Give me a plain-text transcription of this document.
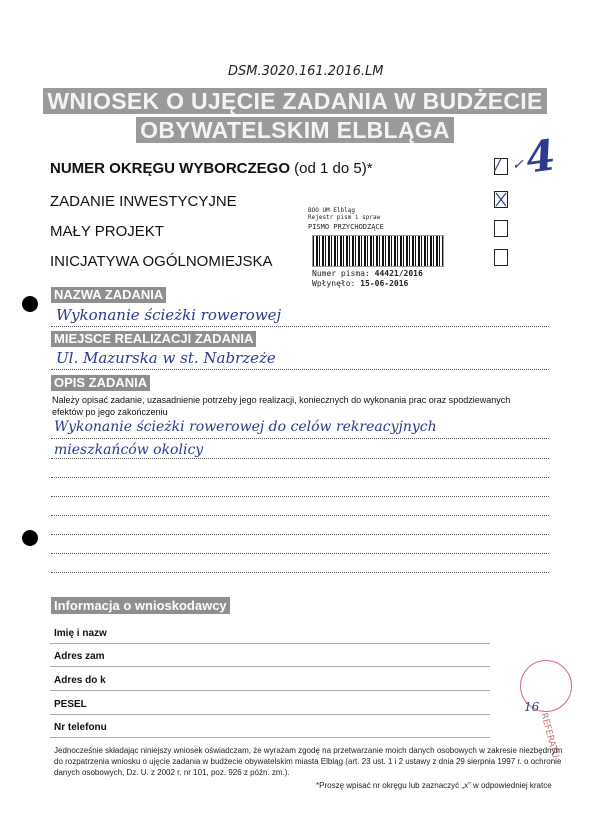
DSM.3020.161.2016.LM
WNIOSEK O UJĘCIE ZADANIA W BUDŻECIE
OBYWATELSKIM ELBLĄGA
NUMER OKRĘGU WYBORCZEGO (od 1 do 5)*	/ 4
✓
ZADANIE INWESTYCYJNE
MAŁY PROJEKT
INICJATYWA OGÓLNOMIEJSKA
BOO UM Elbląg
Rejestr pism i spraw
PISMO PRZYCHODZĄCE
Numer pisma: 44421/2016
Wpłynęło: 15-06-2016
NAZWA ZADANIA
Wykonanie ścieżki rowerowej
MIEJSCE REALIZACJI ZADANIA
Ul. Mazurska w st. Nabrzeże
OPIS ZADANIA
Należy opisać zadanie, uzasadnienie potrzeby jego realizacji, koniecznych do wykonania prac oraz spodziewanych efektów po jego zakończeniu
Wykonanie ścieżki rowerowej do celów rekreacyjnych
mieszkańców okolicy
Informacja o wnioskodawcy
Imię i nazw
Adres zam
Adres do k
PESEL
Nr telefonu	REFERATU
16
Jednocześnie składając niniejszy wniosek oświadczam, że wyrażam zgodę na przetwarzanie moich danych osobowych w zakresie niezbędnym
do rozpatrzenia wniosku o ujęcie zadania w budżecie obywatelskim miasta Elbląg (art. 23 ust. 1 i 2 ustawy z dnia 29 sierpnia 1997 r. o ochronie
danych osobowych, Dz. U. z 2002 r. nr 101, poz. 926 z późn. zm.).
*Proszę wpisać nr okręgu lub zaznaczyć „x” w odpowiedniej kratce
